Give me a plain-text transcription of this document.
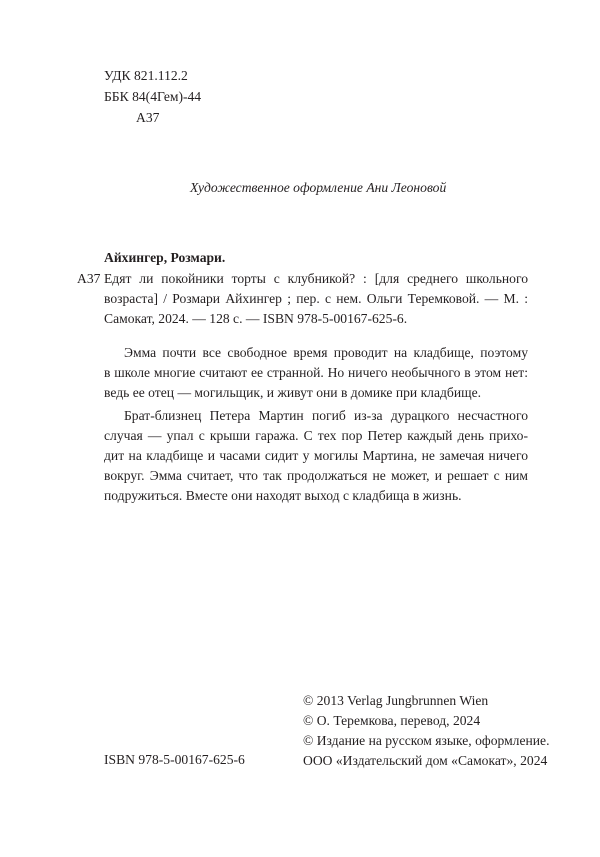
УДК 821.112.2
ББК 84(4Гем)-44
А37
Художественное оформление Ани Леоновой
Айхингер, Розмари.
А37 Едят ли покойники торты с клубникой? : [для среднего школьного
возраста] / Розмари Айхингер ; пер. с нем. Ольги Теремковой. — М. :
Самокат, 2024. — 128 с. — ISBN 978-5-00167-625-6.
Эмма почти все свободное время проводит на кладбище, поэтому
в школе многие считают ее странной. Но ничего необычного в этом нет:
ведь ее отец — могильщик, и живут они в домике при кладбище.
Брат-близнец Петера Мартин погиб из-за дурацкого несчастного
случая — упал с крыши гаража. С тех пор Петер каждый день прихо-
дит на кладбище и часами сидит у могилы Мартина, не замечая ничего
вокруг. Эмма считает, что так продолжаться не может, и решает с ним
подружиться. Вместе они находят выход с кладбища в жизнь.
ISBN 978-5-00167-625-6
© 2013 Verlag Jungbrunnen Wien
© О. Теремкова, перевод, 2024
© Издание на русском языке, оформление.
ООО «Издательский дом «Самокат», 2024
